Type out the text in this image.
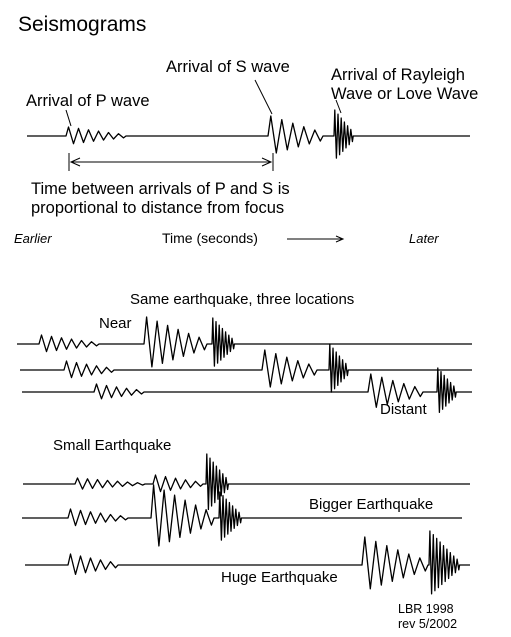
Seismograms
Arrival of P wave
Arrival of S wave Arrival of Rayleigh
Wave or Love Wave
Time between arrivals of P and S is
proportional to distance from focus
Earlier	Time (seconds)	Later
Same earthquake, three locations
Near
Distant
Small Earthquake
Bigger Earthquake
Huge Earthquake
LBR 1998
rev 5/2002
